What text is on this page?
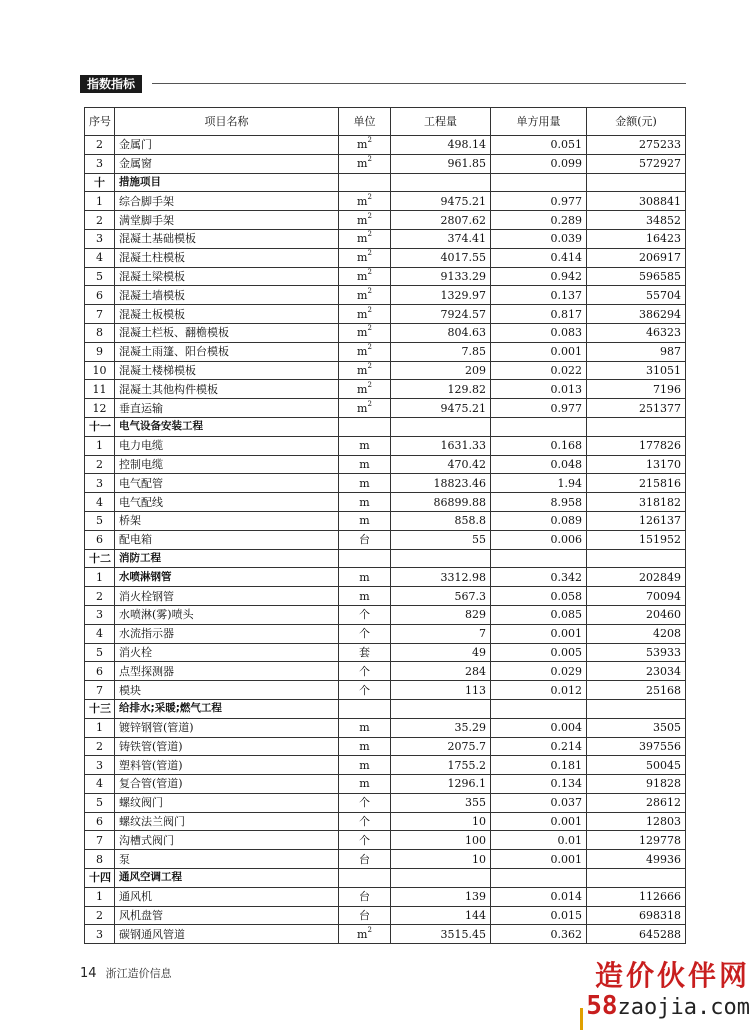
指数指标
序号	项目名称	单位	工程量	单方用量	金额(元)
2	金属门	$m^2$	498.14	0.051	275233
3	金属窗	$m^2$	961.85	0.099	572927
十	措施项目				
1	综合脚手架	$m^2$	9475.21	0.977	308841
2	满堂脚手架	$m^2$	2807.62	0.289	34852
3	混凝土基础模板	$m^2$	374.41	0.039	16423
4	混凝土柱模板	$m^2$	4017.55	0.414	206917
5	混凝土梁模板	$m^2$	9133.29	0.942	596585
6	混凝土墙模板	$m^2$	1329.97	0.137	55704
7	混凝土板模板	$m^2$	7924.57	0.817	386294
8	混凝土栏板、翻檐模板	$m^2$	804.63	0.083	46323
9	混凝土雨篷、阳台模板	$m^2$	7.85	0.001	987
10	混凝土楼梯模板	$m^2$	209	0.022	31051
11	混凝土其他构件模板	$m^2$	129.82	0.013	7196
12	垂直运输	$m^2$	9475.21	0.977	251377
十一	电气设备安装工程				
1	电力电缆	m	1631.33	0.168	177826
2	控制电缆	m	470.42	0.048	13170
3	电气配管	m	18823.46	1.94	215816
4	电气配线	m	86899.88	8.958	318182
5	桥架	m	858.8	0.089	126137
6	配电箱	台	55	0.006	151952
十二	消防工程				
1	水喷淋钢管	m	3312.98	0.342	202849
2	消火栓钢管	m	567.3	0.058	70094
3	水喷淋(雾)喷头	个	829	0.085	20460
4	水流指示器	个	7	0.001	4208
5	消火栓	套	49	0.005	53933
6	点型探测器	个	284	0.029	23034
7	模块	个	113	0.012	25168
十三	给排水;采暖;燃气工程				
1	镀锌钢管(管道)	m	35.29	0.004	3505
2	铸铁管(管道)	m	2075.7	0.214	397556
3	塑料管(管道)	m	1755.2	0.181	50045
4	复合管(管道)	m	1296.1	0.134	91828
5	螺纹阀门	个	355	0.037	28612
6	螺纹法兰阀门	个	10	0.001	12803
7	沟槽式阀门	个	100	0.01	129778
8	泵	台	10	0.001	49936
十四	通风空调工程				
1	通风机	台	139	0.014	112666
2	风机盘管	台	144	0.015	698318
3	碳钢通风管道	$m^2$	3515.45	0.362	645288
14 浙江造价信息	造价伙伴网
58zaojia.com
